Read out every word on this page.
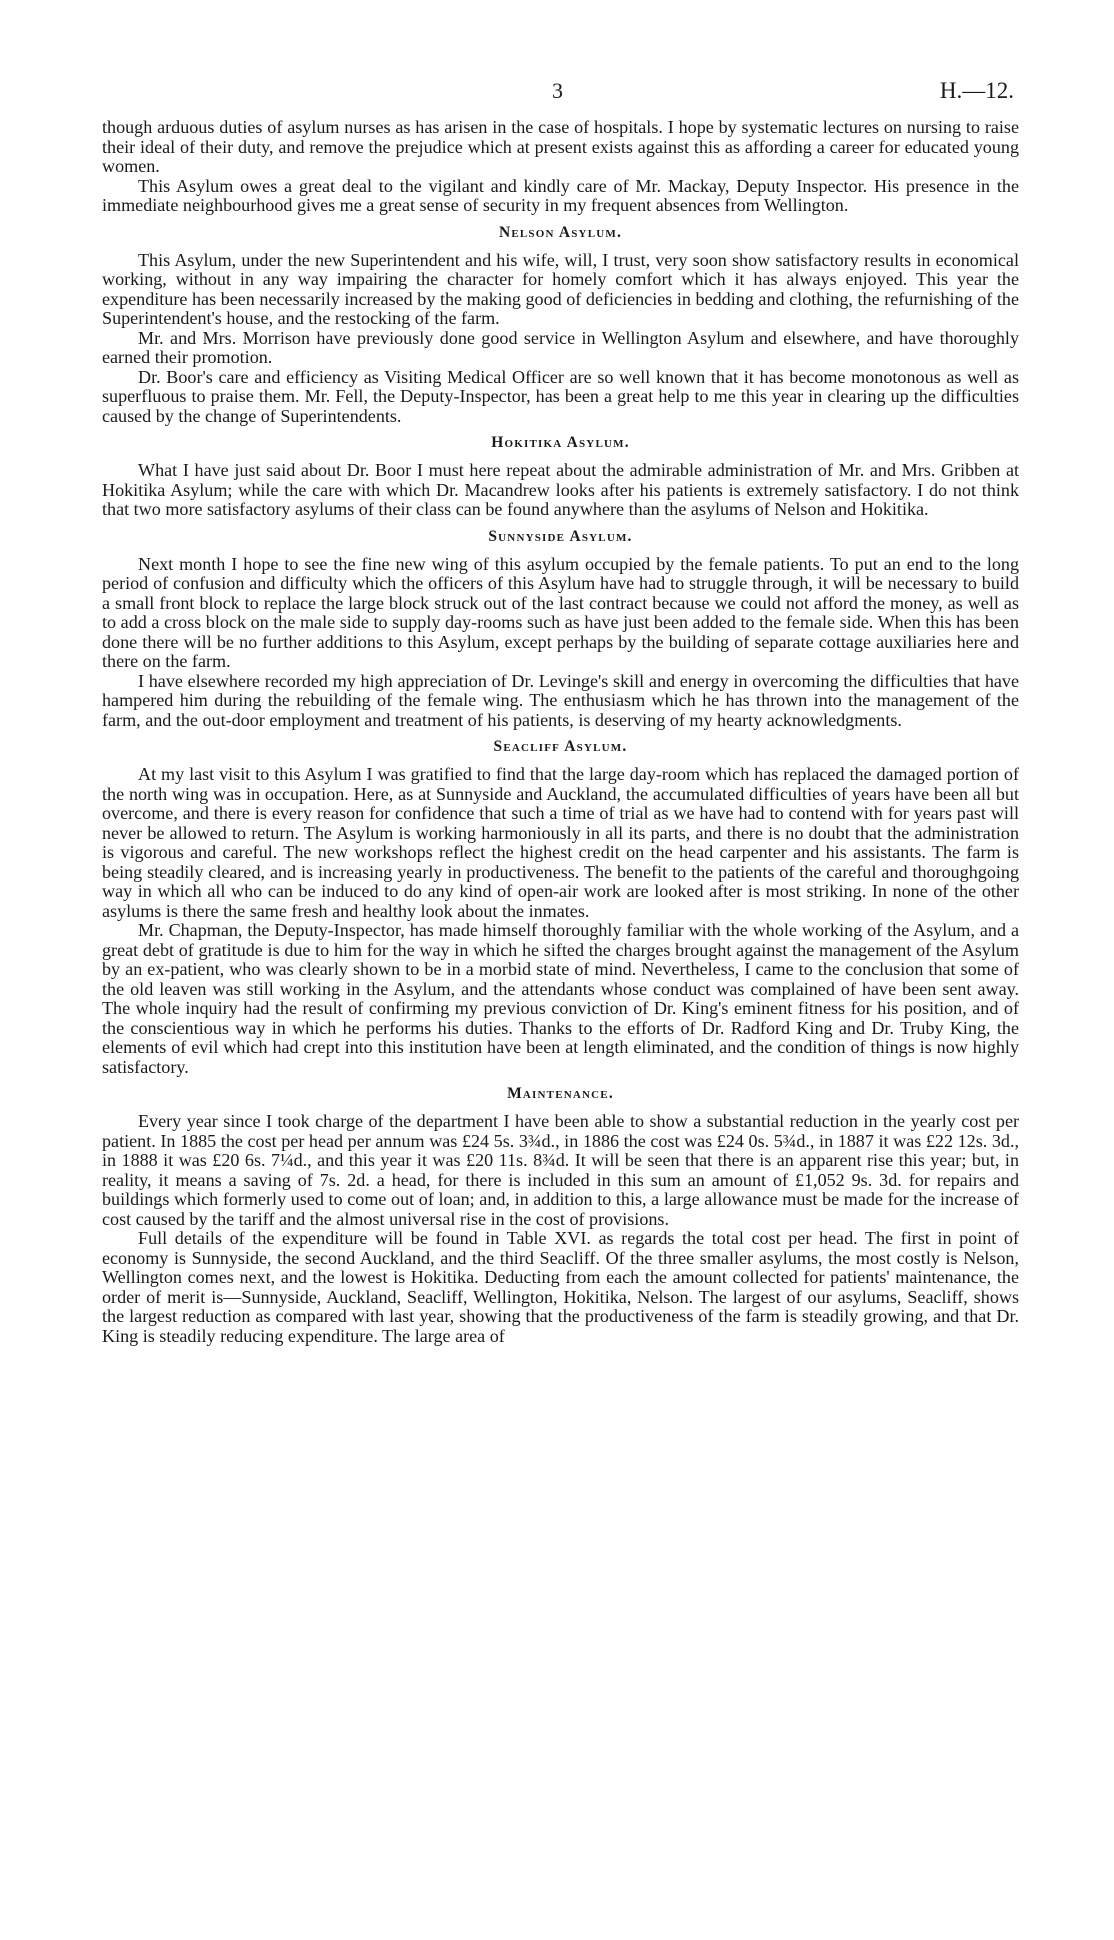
3	H.—12.

though arduous duties of asylum nurses as has arisen in the case of hospitals. I hope by systematic lectures on nursing to raise their ideal of their duty, and remove the prejudice which at present exists against this as affording a career for educated young women.

This Asylum owes a great deal to the vigilant and kindly care of Mr. Mackay, Deputy Inspector. His presence in the immediate neighbourhood gives me a great sense of security in my frequent absences from Wellington.

Nelson Asylum.

This Asylum, under the new Superintendent and his wife, will, I trust, very soon show satisfactory results in economical working, without in any way impairing the character for homely comfort which it has always enjoyed. This year the expenditure has been necessarily increased by the making good of deficiencies in bedding and clothing, the refurnishing of the Superintendent's house, and the restocking of the farm.

Mr. and Mrs. Morrison have previously done good service in Wellington Asylum and elsewhere, and have thoroughly earned their promotion.

Dr. Boor's care and efficiency as Visiting Medical Officer are so well known that it has become monotonous as well as superfluous to praise them. Mr. Fell, the Deputy-Inspector, has been a great help to me this year in clearing up the difficulties caused by the change of Superintendents.

Hokitika Asylum.

What I have just said about Dr. Boor I must here repeat about the admirable administration of Mr. and Mrs. Gribben at Hokitika Asylum; while the care with which Dr. Macandrew looks after his patients is extremely satisfactory. I do not think that two more satisfactory asylums of their class can be found anywhere than the asylums of Nelson and Hokitika.

Sunnyside Asylum.

Next month I hope to see the fine new wing of this asylum occupied by the female patients. To put an end to the long period of confusion and difficulty which the officers of this Asylum have had to struggle through, it will be necessary to build a small front block to replace the large block struck out of the last contract because we could not afford the money, as well as to add a cross block on the male side to supply day-rooms such as have just been added to the female side. When this has been done there will be no further additions to this Asylum, except perhaps by the building of separate cottage auxiliaries here and there on the farm.

I have elsewhere recorded my high appreciation of Dr. Levinge's skill and energy in overcoming the difficulties that have hampered him during the rebuilding of the female wing. The enthusiasm which he has thrown into the management of the farm, and the out-door employment and treatment of his patients, is deserving of my hearty acknowledgments.

Seacliff Asylum.

At my last visit to this Asylum I was gratified to find that the large day-room which has replaced the damaged portion of the north wing was in occupation. Here, as at Sunnyside and Auckland, the accumulated difficulties of years have been all but overcome, and there is every reason for confidence that such a time of trial as we have had to contend with for years past will never be allowed to return. The Asylum is working harmoniously in all its parts, and there is no doubt that the administration is vigorous and careful. The new workshops reflect the highest credit on the head carpenter and his assistants. The farm is being steadily cleared, and is increasing yearly in productiveness. The benefit to the patients of the careful and thoroughgoing way in which all who can be induced to do any kind of open-air work are looked after is most striking. In none of the other asylums is there the same fresh and healthy look about the inmates.

Mr. Chapman, the Deputy-Inspector, has made himself thoroughly familiar with the whole working of the Asylum, and a great debt of gratitude is due to him for the way in which he sifted the charges brought against the management of the Asylum by an ex-patient, who was clearly shown to be in a morbid state of mind. Nevertheless, I came to the conclusion that some of the old leaven was still working in the Asylum, and the attendants whose conduct was complained of have been sent away. The whole inquiry had the result of confirming my previous conviction of Dr. King's eminent fitness for his position, and of the conscientious way in which he performs his duties. Thanks to the efforts of Dr. Radford King and Dr. Truby King, the elements of evil which had crept into this institution have been at length eliminated, and the condition of things is now highly satisfactory.

Maintenance.

Every year since I took charge of the department I have been able to show a substantial reduction in the yearly cost per patient. In 1885 the cost per head per annum was £24 5s. 3¾d., in 1886 the cost was £24 0s. 5¾d., in 1887 it was £22 12s. 3d., in 1888 it was £20 6s. 7¼d., and this year it was £20 11s. 8¾d. It will be seen that there is an apparent rise this year; but, in reality, it means a saving of 7s. 2d. a head, for there is included in this sum an amount of £1,052 9s. 3d. for repairs and buildings which formerly used to come out of loan; and, in addition to this, a large allowance must be made for the increase of cost caused by the tariff and the almost universal rise in the cost of provisions.

Full details of the expenditure will be found in Table XVI. as regards the total cost per head. The first in point of economy is Sunnyside, the second Auckland, and the third Seacliff. Of the three smaller asylums, the most costly is Nelson, Wellington comes next, and the lowest is Hokitika. Deducting from each the amount collected for patients' maintenance, the order of merit is—Sunnyside, Auckland, Seacliff, Wellington, Hokitika, Nelson. The largest of our asylums, Seacliff, shows the largest reduction as compared with last year, showing that the productiveness of the farm is steadily growing, and that Dr. King is steadily reducing expenditure. The large area of
